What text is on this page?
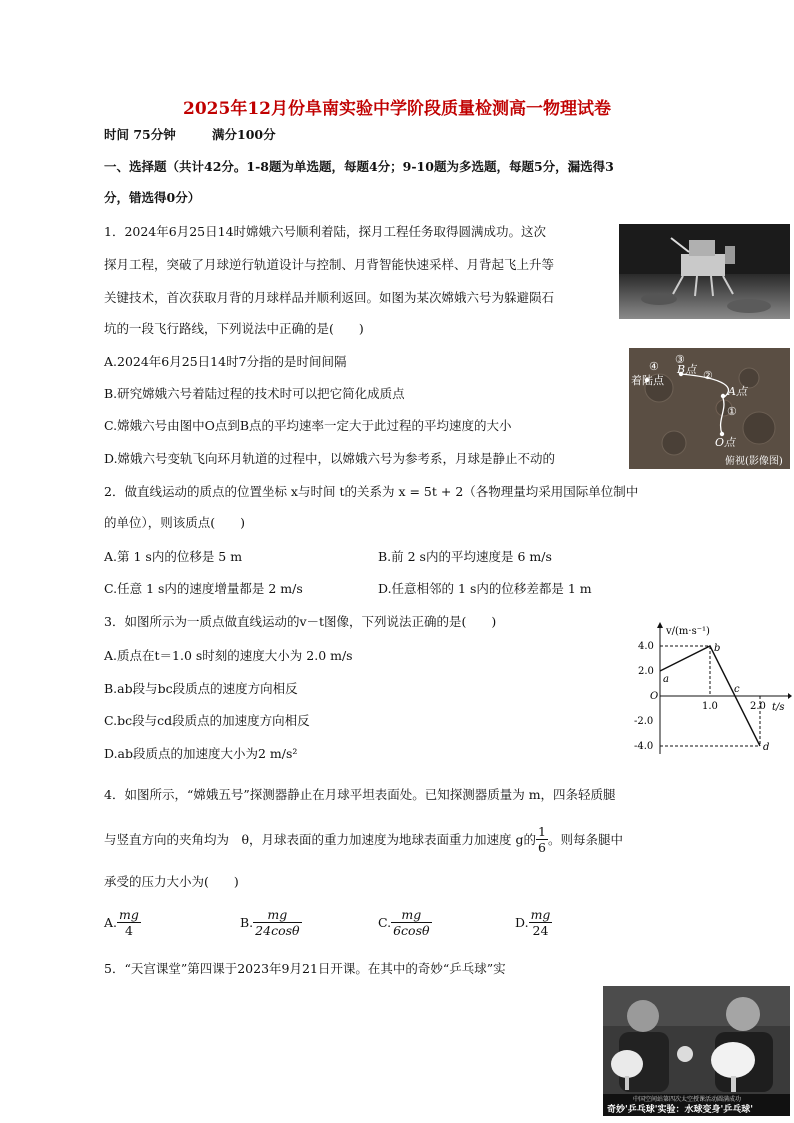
2025年12月份阜南实验中学阶段质量检测高一物理试卷
时间 75分钟	满分100分
一、选择题（共计42分。1-8题为单选题，每题4分；9-10题为多选题，每题5分，漏选得3
分，错选得0分）
1．2024年6月25日14时嫦娥六号顺利着陆，探月工程任务取得圆满成功。这次
探月工程，突破了月球逆行轨道设计与控制、月背智能快速采样、月背起飞上升等
关键技术，首次获取月背的月球样品并顺利返回。如图为某次嫦娥六号为躲避陨石
坑的一段飞行路线，下列说法中正确的是(　　)
A.2024年6月25日14时7分指的是时间间隔
B.研究嫦娥六号着陆过程的技术时可以把它简化成质点
C.嫦娥六号由图中O点到B点的平均速率一定大于此过程的平均速度的大小
D.嫦娥六号变轨飞向环月轨道的过程中，以嫦娥六号为参考系，月球是静止不动的
④
③
②
①
着陆点
B点
A点
O点
俯视(影像图)
2．做直线运动的质点的位置坐标 x与时间 t的关系为 x = 5t + 2（各物理量均采用国际单位制中
的单位），则该质点(　　)
A.第 1 s内的位移是 5 m	B.前 2 s内的平均速度是 6 m/s
C.任意 1 s内的速度增量都是 2 m/s	D.任意相邻的 1 s内的位移差都是 1 m
3．如图所示为一质点做直线运动的v－t图像，下列说法正确的是(　　)
A.质点在t＝1.0 s时刻的速度大小为 2.0 m/s
B.ab段与bc段质点的速度方向相反
C.bc段与cd段质点的加速度方向相反
D.ab段质点的加速度大小为2 m/s²
v/(m·s⁻¹)
t/s
4.0
2.0
O
-2.0
-4.0
1.0	2.0
a
b
c
d
4．如图所示，“嫦娥五号”探测器静止在月球平坦表面处。已知探测器质量为 m，四条轻质腿
与竖直方向的夹角均为　θ，月球表面的重力加速度为地球表面重力加速度 g的 $\frac{1}{6}$ 。则每条腿中
承受的压力大小为(　　)
A. $\frac{mg}{4}$	B. $\frac{mg}{24\cos\theta}$	C. $\frac{mg}{6\cos\theta}$	D. $\frac{mg}{24}$
5．“天宫课堂”第四课于2023年9月21日开课。在其中的奇妙“乒乓球”实
中国空间站第四次太空授课活动圆满成功
奇妙'乒乓球'实验：水球变身'乒乓球'
